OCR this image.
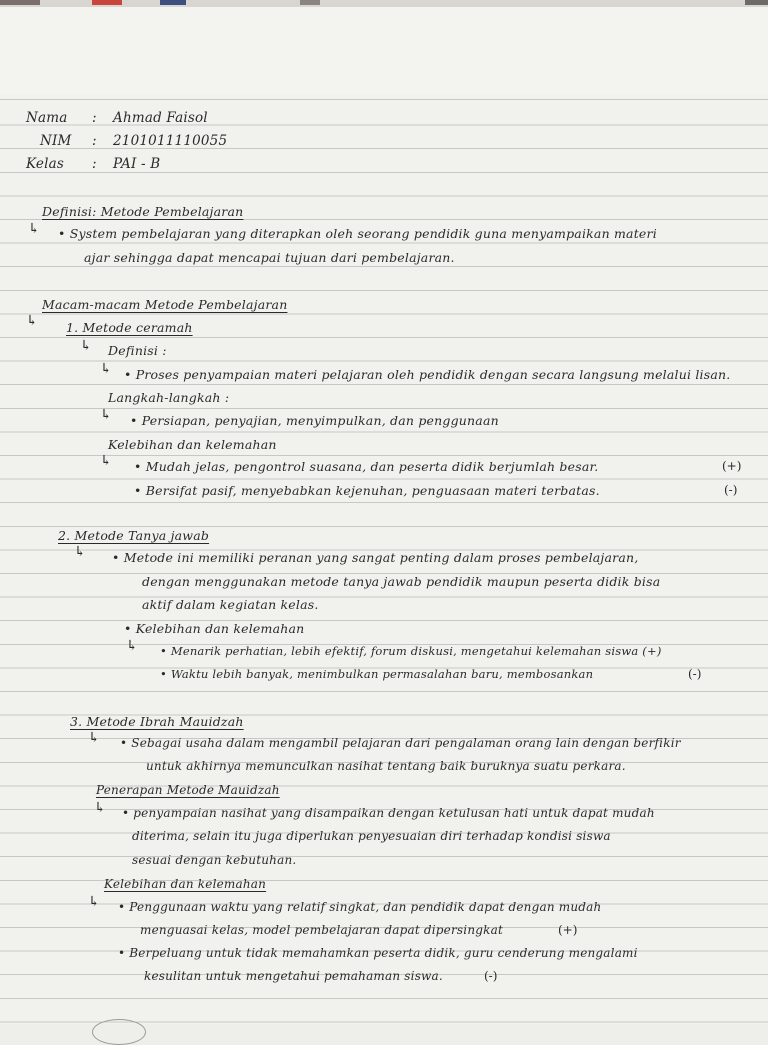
Nama : Ahmad Faisol
NIM : 2101011110055
Kelas : PAI - B
Definisi: Metode Pembelajaran
↳ • System pembelajaran yang diterapkan oleh seorang pendidik guna menyampaikan materi
ajar sehingga dapat mencapai tujuan dari pembelajaran.
Macam-macam Metode Pembelajaran
↳ 1. Metode ceramah
↳ Definisi :
↳ • Proses penyampaian materi pelajaran oleh pendidik dengan secara langsung melalui lisan.
Langkah-langkah :
↳ • Persiapan, penyajian, menyimpulkan, dan penggunaan
Kelebihan dan kelemahan
↳ • Mudah jelas, pengontrol suasana, dan peserta didik berjumlah besar.	(+)
• Bersifat pasif, menyebabkan kejenuhan, penguasaan materi terbatas.	(-)
2. Metode Tanya jawab
↳ • Metode ini memiliki peranan yang sangat penting dalam proses pembelajaran,
dengan menggunakan metode tanya jawab pendidik maupun peserta didik bisa
aktif dalam kegiatan kelas.
• Kelebihan dan kelemahan
↳ • Menarik perhatian, lebih efektif, forum diskusi, mengetahui kelemahan siswa (+)
• Waktu lebih banyak, menimbulkan permasalahan baru, membosankan	(-)
3. Metode Ibrah Mauidzah
↳ • Sebagai usaha dalam mengambil pelajaran dari pengalaman orang lain dengan berfikir
untuk akhirnya memunculkan nasihat tentang baik buruknya suatu perkara.
Penerapan Metode Mauidzah
↳ • penyampaian nasihat yang disampaikan dengan ketulusan hati untuk dapat mudah
diterima, selain itu juga diperlukan penyesuaian diri terhadap kondisi siswa
sesuai dengan kebutuhan.
Kelebihan dan kelemahan
↳ • Penggunaan waktu yang relatif singkat, dan pendidik dapat dengan mudah
menguasai kelas, model pembelajaran dapat dipersingkat	(+)
• Berpeluang untuk tidak memahamkan peserta didik, guru cenderung mengalami
kesulitan untuk mengetahui pemahaman siswa.	(-)
